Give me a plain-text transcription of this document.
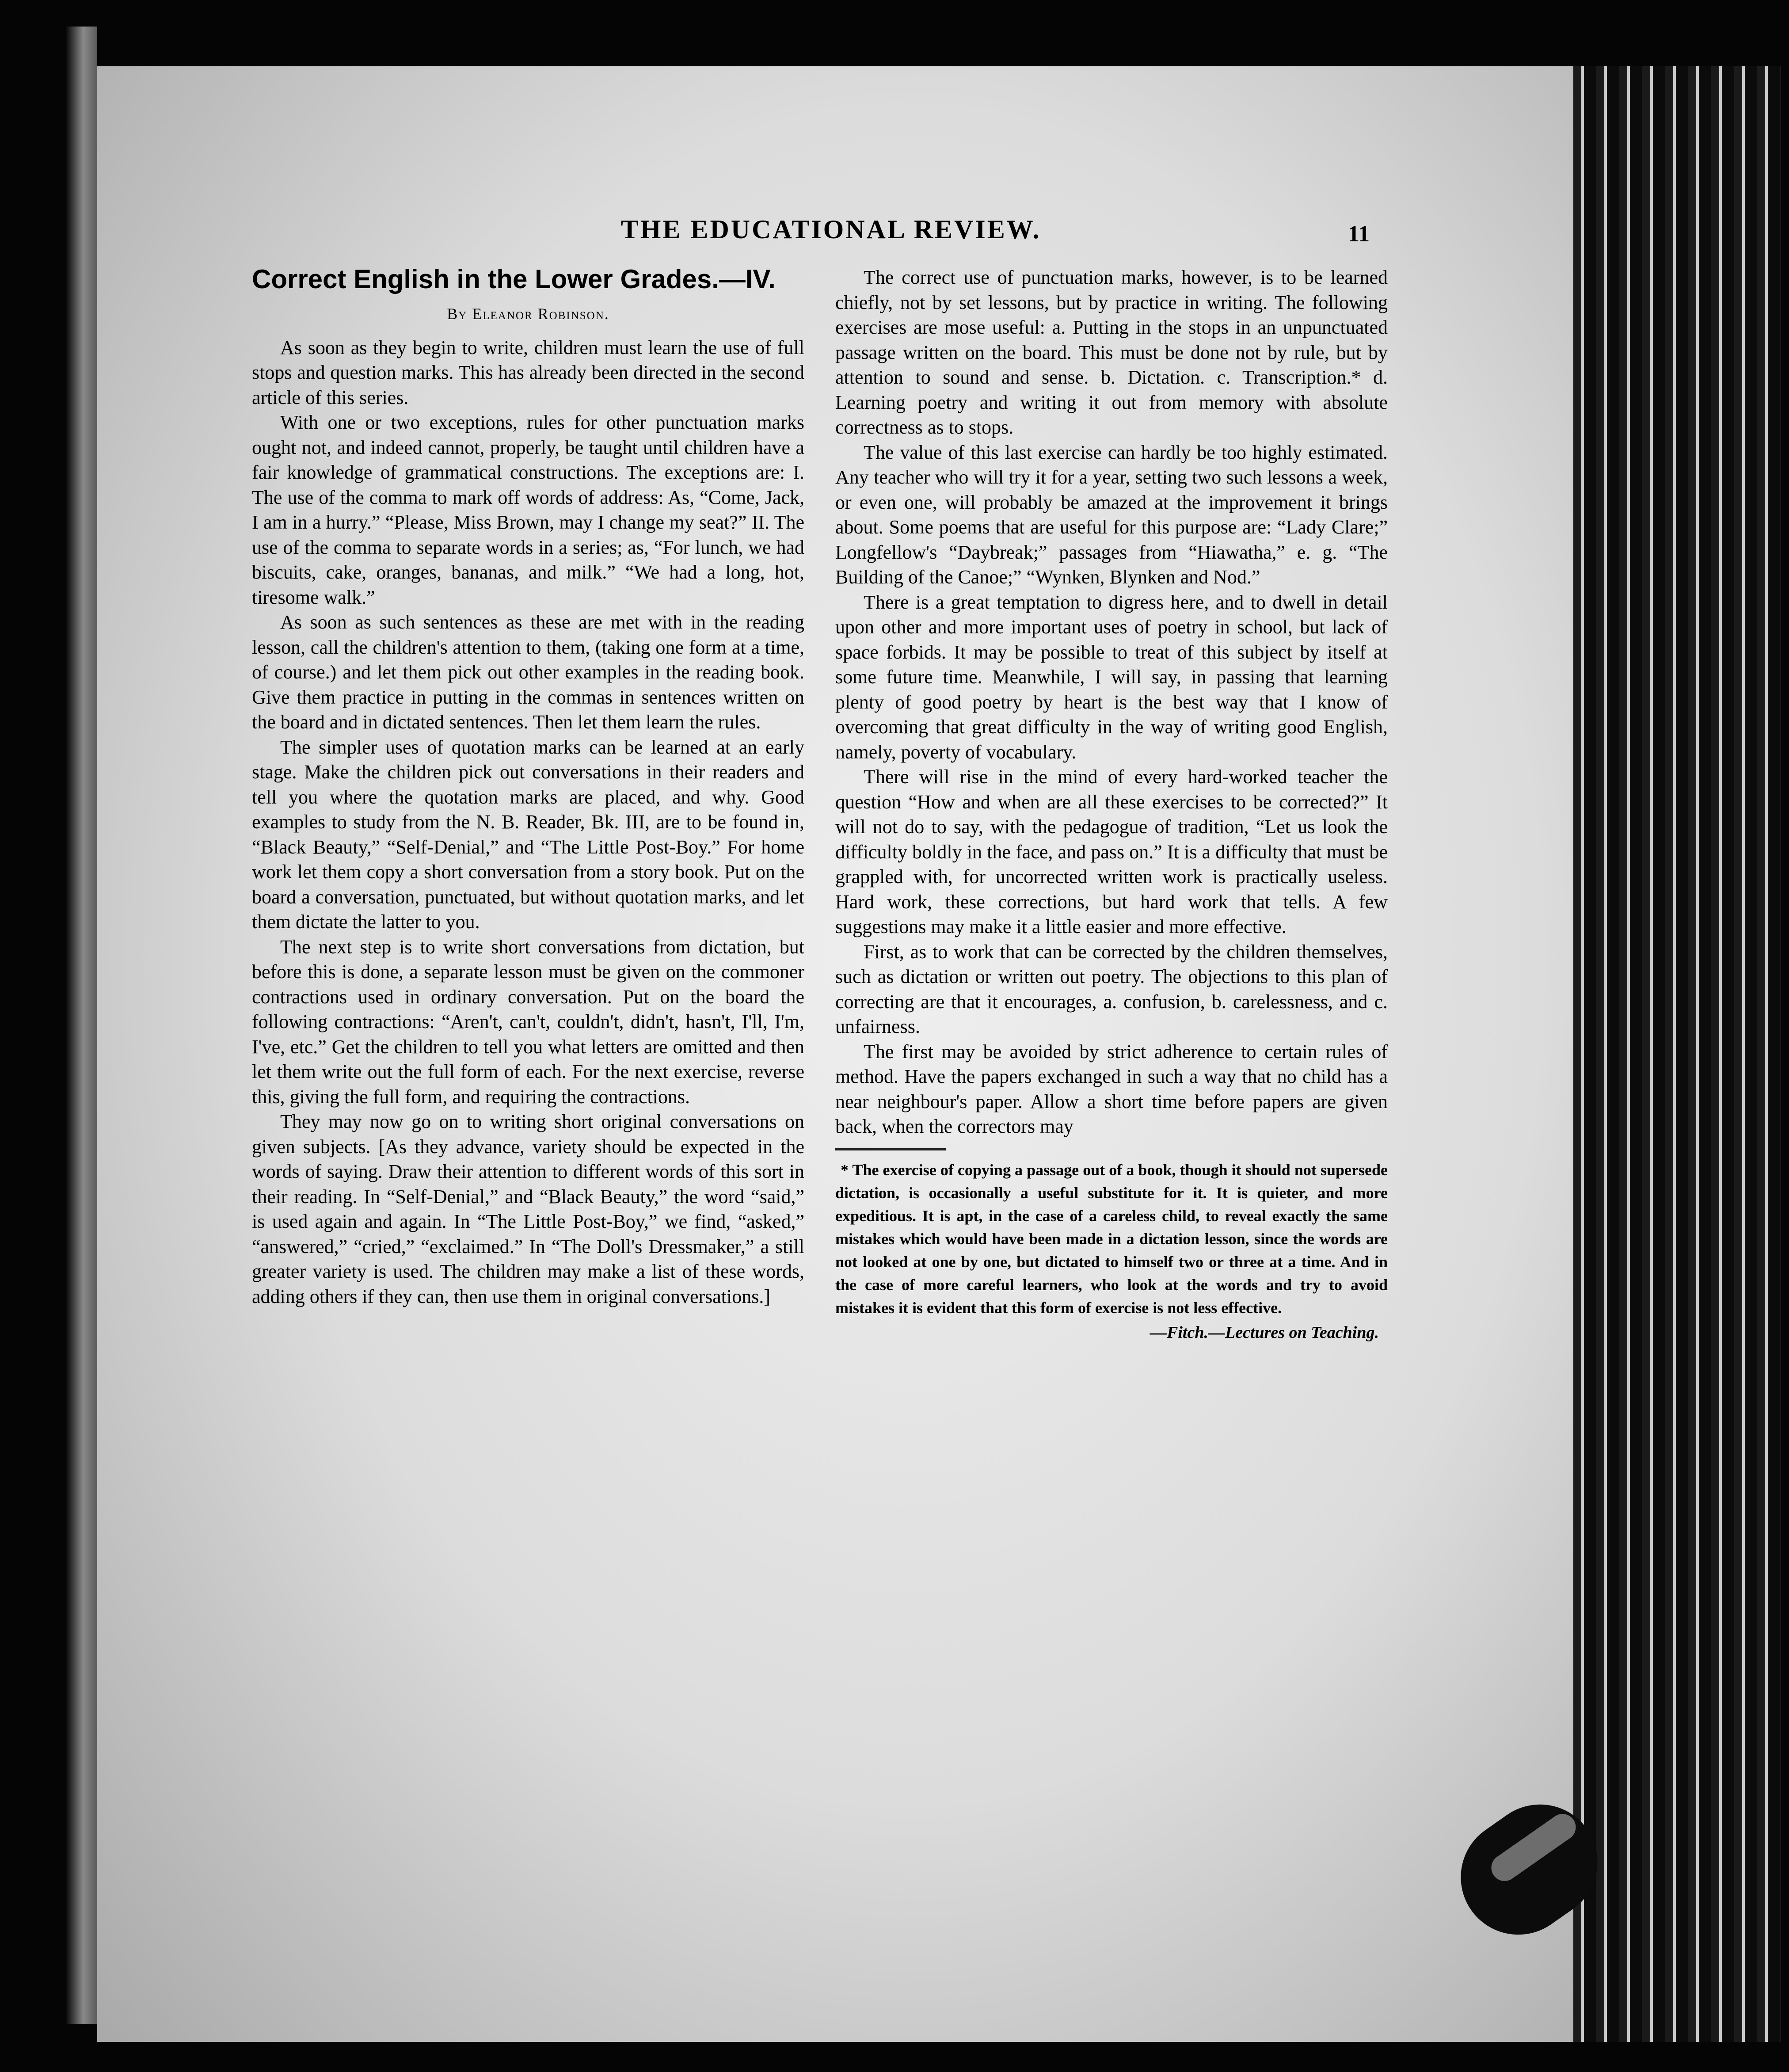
THE EDUCATIONAL REVIEW.	11
Correct English in the Lower Grades.—IV.
By Eleanor Robinson.

As soon as they begin to write, children must learn the use of full stops and question marks. This has already been directed in the second article of this series.

With one or two exceptions, rules for other punctuation marks ought not, and indeed cannot, properly, be taught until children have a fair knowledge of grammatical constructions. The exceptions are: I. The use of the comma to mark off words of address: As, “Come, Jack, I am in a hurry.” “Please, Miss Brown, may I change my seat?” II. The use of the comma to separate words in a series; as, “For lunch, we had biscuits, cake, oranges, bananas, and milk.” “We had a long, hot, tiresome walk.”

As soon as such sentences as these are met with in the reading lesson, call the children's attention to them, (taking one form at a time, of course.) and let them pick out other examples in the reading book. Give them practice in putting in the commas in sentences written on the board and in dictated sentences. Then let them learn the rules.

The simpler uses of quotation marks can be learned at an early stage. Make the children pick out conversations in their readers and tell you where the quotation marks are placed, and why. Good examples to study from the N. B. Reader, Bk. III, are to be found in, “Black Beauty,” “Self-Denial,” and “The Little Post-Boy.” For home work let them copy a short conversation from a story book. Put on the board a conversation, punctuated, but without quotation marks, and let them dictate the latter to you.

The next step is to write short conversations from dictation, but before this is done, a separate lesson must be given on the commoner contractions used in ordinary conversation. Put on the board the following contractions: “Aren't, can't, couldn't, didn't, hasn't, I'll, I'm, I've, etc.” Get the children to tell you what letters are omitted and then let them write out the full form of each. For the next exercise, reverse this, giving the full form, and requiring the contractions.

They may now go on to writing short original conversations on given subjects. [As they advance, variety should be expected in the words of saying. Draw their attention to different words of this sort in their reading. In “Self-Denial,” and “Black Beauty,” the word “said,” is used again and again. In “The Little Post-Boy,” we find, “asked,” “answered,” “cried,” “exclaimed.” In “The Doll's Dressmaker,” a still greater variety is used. The children may make a list of these words, adding others if they can, then use them in original conversations.]

The correct use of punctuation marks, however, is to be learned chiefly, not by set lessons, but by practice in writing. The following exercises are mose useful: a. Putting in the stops in an unpunctuated passage written on the board. This must be done not by rule, but by attention to sound and sense. b. Dictation. c. Transcription.* d. Learning poetry and writing it out from memory with absolute correctness as to stops.

The value of this last exercise can hardly be too highly estimated. Any teacher who will try it for a year, setting two such lessons a week, or even one, will probably be amazed at the improvement it brings about. Some poems that are useful for this purpose are: “Lady Clare;” Longfellow's “Daybreak;” passages from “Hiawatha,” e. g. “The Building of the Canoe;” “Wynken, Blynken and Nod.”

There is a great temptation to digress here, and to dwell in detail upon other and more important uses of poetry in school, but lack of space forbids. It may be possible to treat of this subject by itself at some future time. Meanwhile, I will say, in passing that learning plenty of good poetry by heart is the best way that I know of overcoming that great difficulty in the way of writing good English, namely, poverty of vocabulary.

There will rise in the mind of every hard-worked teacher the question “How and when are all these exercises to be corrected?” It will not do to say, with the pedagogue of tradition, “Let us look the difficulty boldly in the face, and pass on.” It is a difficulty that must be grappled with, for uncorrected written work is practically useless. Hard work, these corrections, but hard work that tells. A few suggestions may make it a little easier and more effective.

First, as to work that can be corrected by the children themselves, such as dictation or written out poetry. The objections to this plan of correcting are that it encourages, a. confusion, b. carelessness, and c. unfairness.

The first may be avoided by strict adherence to certain rules of method. Have the papers exchanged in such a way that no child has a near neighbour's paper. Allow a short time before papers are given back, when the correctors may

* The exercise of copying a passage out of a book, though it should not supersede dictation, is occasionally a useful substitute for it. It is quieter, and more expeditious. It is apt, in the case of a careless child, to reveal exactly the same mistakes which would have been made in a dictation lesson, since the words are not looked at one by one, but dictated to himself two or three at a time. And in the case of more careful learners, who look at the words and try to avoid mistakes it is evident that this form of exercise is not less effective.

—Fitch.—Lectures on Teaching.
